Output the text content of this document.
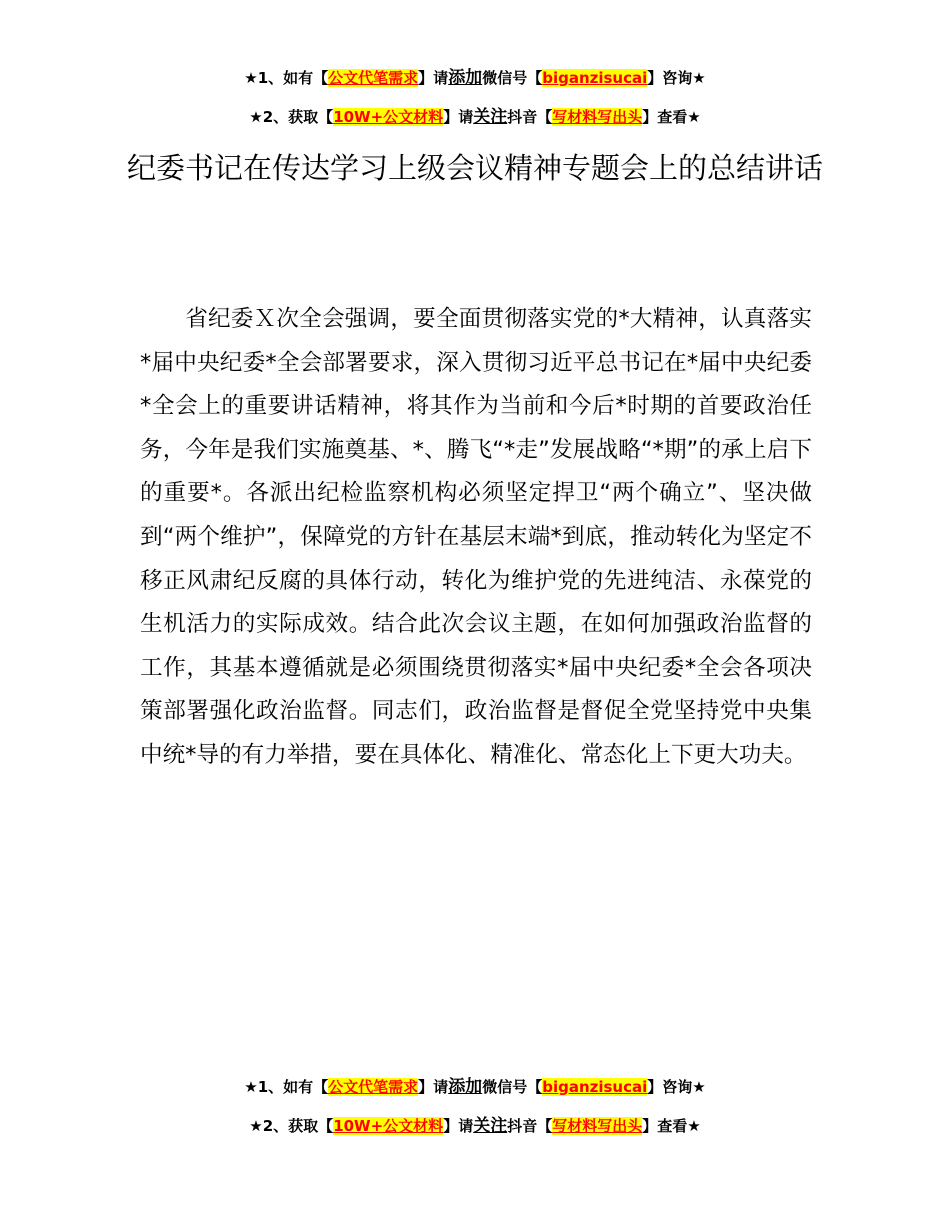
★1、如有【公文代笔需求】请添加微信号【biganzisucai】咨询★
★2、获取【10W+公文材料】请关注抖音【写材料写出头】查看★
纪委书记在传达学习上级会议精神专题会上的总结讲话

省纪委Ｘ次全会强调，要全面贯彻落实党的*大精神，认真落实*届中央纪委*全会部署要求，深入贯彻习近平总书记在*届中央纪委*全会上的重要讲话精神，将其作为当前和今后*时期的首要政治任务，今年是我们实施奠基、*、腾飞“*走”发展战略“*期”的承上启下的重要*。各派出纪检监察机构必须坚定捍卫“两个确立”、坚决做到“两个维护”，保障党的方针在基层末端*到底，推动转化为坚定不移正风肃纪反腐的具体行动，转化为维护党的先进纯洁、永葆党的生机活力的实际成效。结合此次会议主题，在如何加强政治监督的工作，其基本遵循就是必须围绕贯彻落实*届中央纪委*全会各项决策部署强化政治监督。同志们，政治监督是督促全党坚持党中央集中统*导的有力举措，要在具体化、精准化、常态化上下更大功夫。

★1、如有【公文代笔需求】请添加微信号【biganzisucai】咨询★
★2、获取【10W+公文材料】请关注抖音【写材料写出头】查看★
